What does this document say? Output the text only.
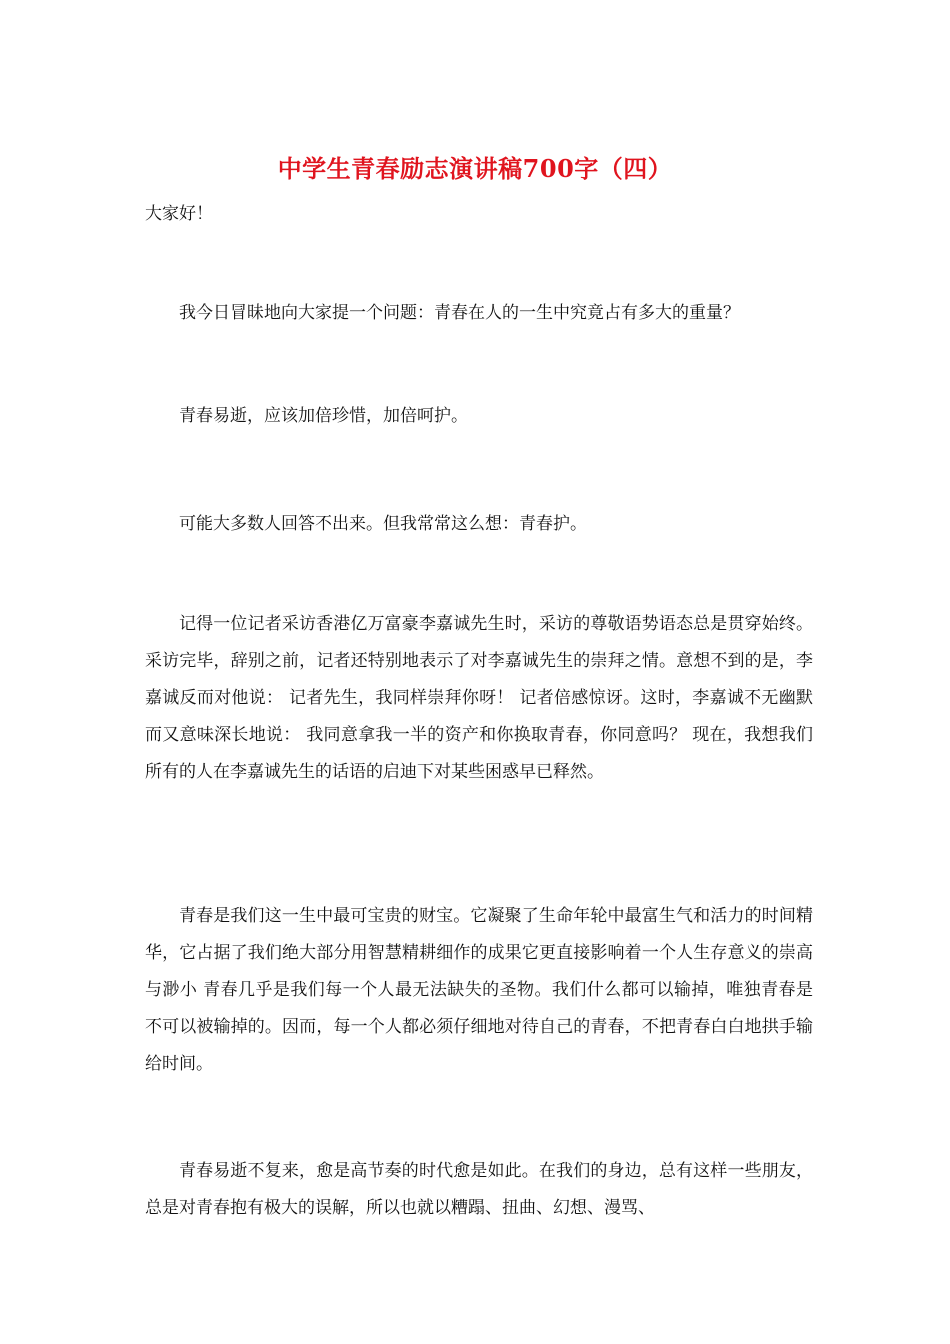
中学生青春励志演讲稿700字（四）
大家好！

我今日冒昧地向大家提一个问题：青春在人的一生中究竟占有多大的重量？

青春易逝，应该加倍珍惜，加倍呵护。

可能大多数人回答不出来。但我常常这么想：青春护。

记得一位记者采访香港亿万富豪李嘉诚先生时，采访的尊敬语势语态总是贯穿始终。采访完毕，辞别之前，记者还特别地表示了对李嘉诚先生的崇拜之情。意想不到的是，李嘉诚反而对他说： 记者先生，我同样崇拜你呀！ 记者倍感惊讶。这时，李嘉诚不无幽默而又意味深长地说： 我同意拿我一半的资产和你换取青春，你同意吗？ 现在，我想我们所有的人在李嘉诚先生的话语的启迪下对某些困惑早已释然。

青春是我们这一生中最可宝贵的财宝。它凝聚了生命年轮中最富生气和活力的时间精华，它占据了我们绝大部分用智慧精耕细作的成果它更直接影响着一个人生存意义的崇高与渺小 青春几乎是我们每一个人最无法缺失的圣物。我们什么都可以输掉，唯独青春是不可以被输掉的。因而，每一个人都必须仔细地对待自己的青春，不把青春白白地拱手输给时间。

青春易逝不复来，愈是高节奏的时代愈是如此。在我们的身边，总有这样一些朋友，总是对青春抱有极大的误解，所以也就以糟蹋、扭曲、幻想、漫骂、
